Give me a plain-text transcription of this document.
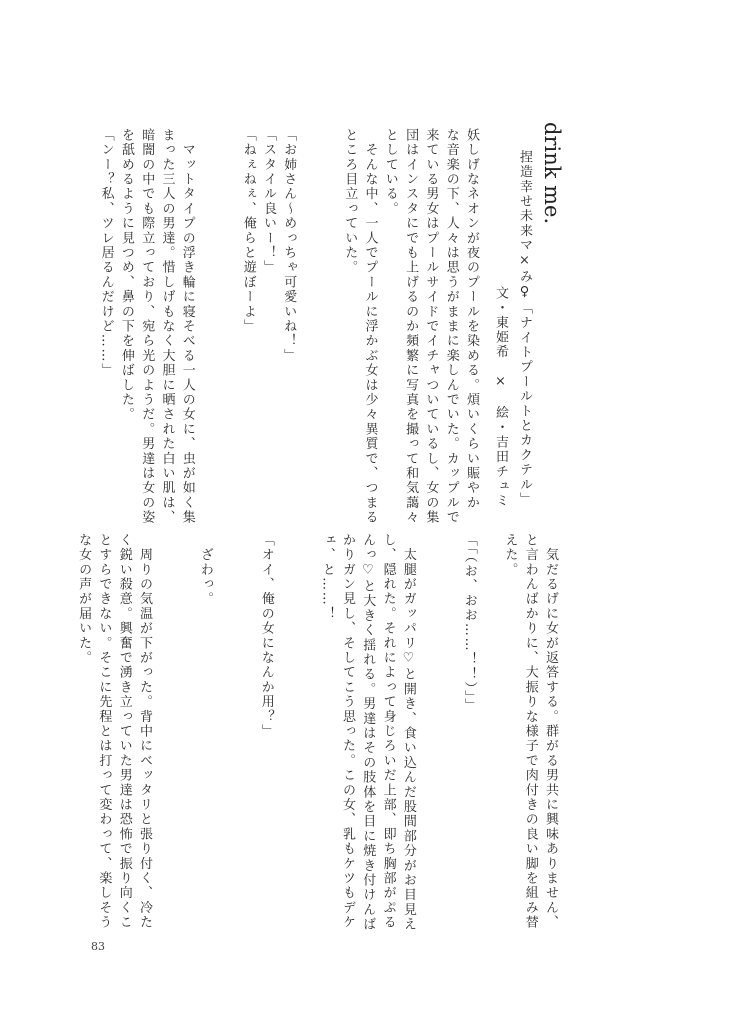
drink me.
捏造幸せ未来マ×み♀「ナイトプールトとカクテル」
文・東姫希　×　絵・吉田チュミ
妖しげなネオンが夜のプールを染める。煩いくらい賑やか
な音楽の下、人々は思うがままに楽しんでいた。カップルで
来ている男女はプールサイドでイチャついているし、女の集
団はインスタにでも上げるのか頻繁に写真を撮って和気藹々
としている。
　そんな中、一人でプールに浮かぶ女は少々異質で、つまる
ところ目立っていた。
「お姉さん〜めっちゃ可愛いね！」
「スタイル良いー！」
「ねぇねぇ、俺らと遊ぼーよ」
　マットタイプの浮き輪に寝そべる一人の女に、虫が如く集
まった三人の男達。惜しげもなく大胆に晒された白い肌は、
暗闇の中でも際立っており、宛ら光のようだ。男達は女の姿
を舐めるように見つめ、鼻の下を伸ばした。
「ンー？私、ツレ居るんだけど……」
　気だるげに女が返答する。群がる男共に興味ありません、
と言わんばかりに、大振りな様子で肉付きの良い脚を組み替
えた。
「「（お、おお……！！）」」
　太腿がガッパリ♡と開き、食い込んだ股間部分がお目見え
し、隠れた。それによって身じろいだ上部、即ち胸部がぷる
んっ♡と大きく揺れる。男達はその肢体を目に焼き付けんば
かりガン見し、そしてこう思った。この女、乳もケツもデケ
ェ、と……！
「オイ、俺の女になんか用？」
　ざわっ。
　周りの気温が下がった。背中にベッタリと張り付く、冷た
く鋭い殺意。興奮で湧き立っていた男達は恐怖で振り向くこ
とすらできない。そこに先程とは打って変わって、楽しそう
な女の声が届いた。
83
